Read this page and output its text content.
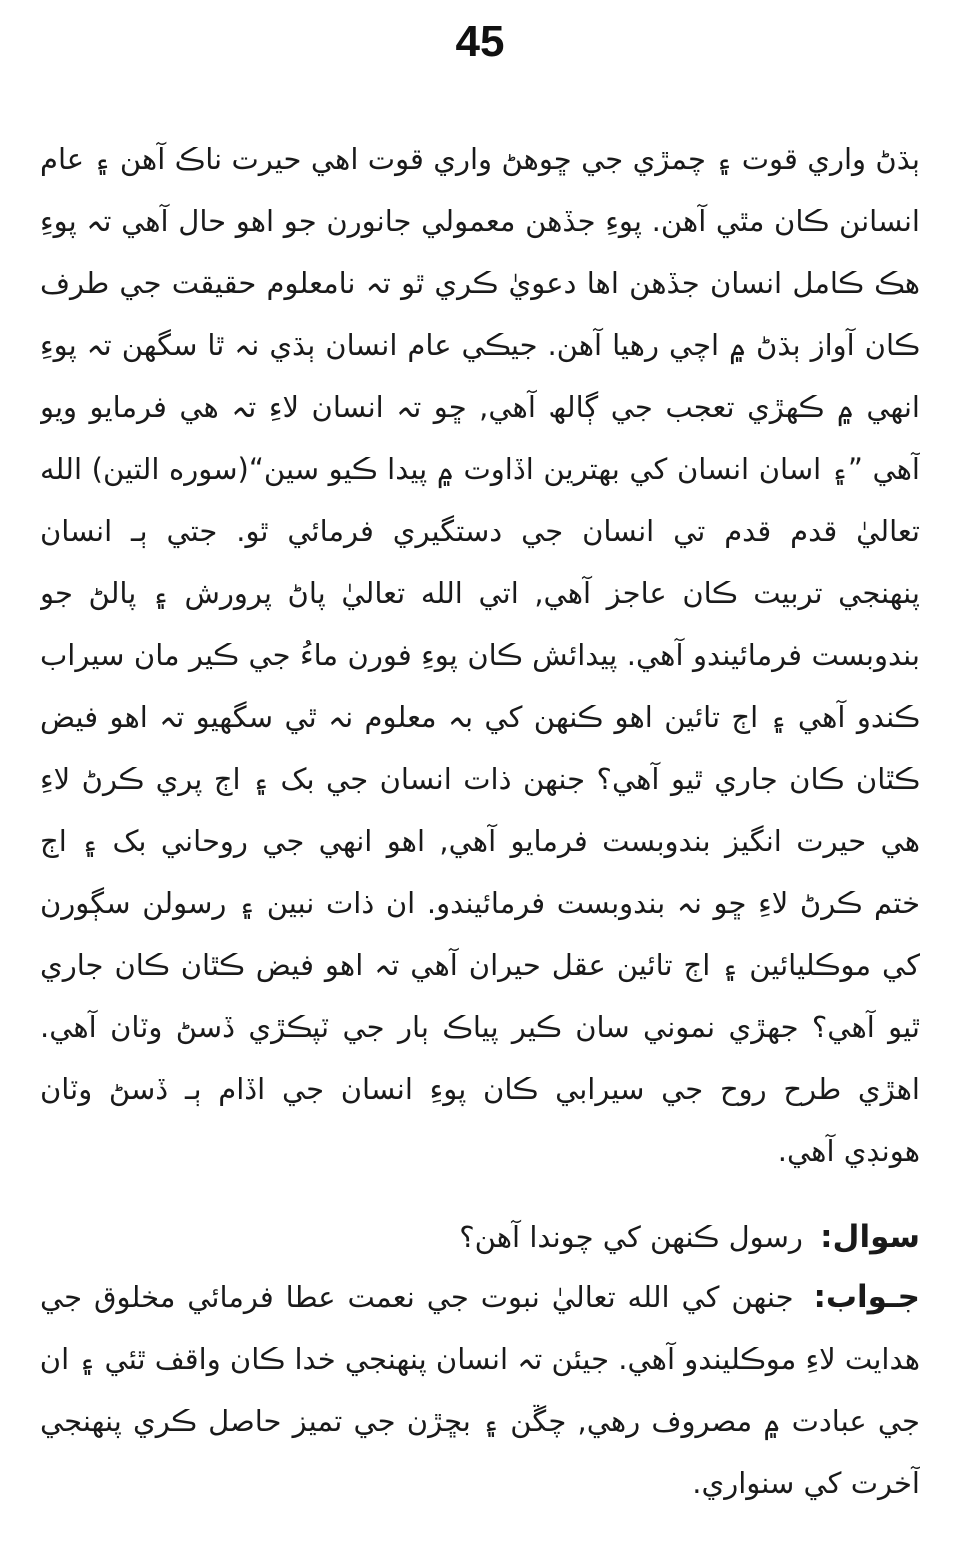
45
ٻڌڻ واري قوت ۽ چمڙي جي ڇوهڻ واري قوت اهي حيرت ناڪ آهن ۽ عام
انسانن ڪان مٿي آهن. پوءِ جڏهن معمولي جانورن جو اهو حال آهي تہ پوءِ
هڪ ڪامل انسان جڏهن اها دعويٰ ڪري ٿو تہ نامعلوم حقيقت جي طرف
ڪان آواز ٻڌڻ ۾ اچي رهيا آهن. جيڪي عام انسان ٻڌي نہ ٿا سگهن تہ پوءِ
انهي ۾ ڪهڙي تعجب جي ڳالھ آهي, ڇو تہ انسان لاءِ تہ هي فرمايو ويو
آهي ”۽ اسان انسان کي بهترين اڏاوت ۾ پيدا ڪيو سين“(سوره التين) الله
تعاليٰ قدم قدم تي انسان جي دستگيري فرمائي ٿو. جتي ٻـ انسان
پنهنجي تربيت ڪان عاجز آهي, اتي الله تعاليٰ پاڻ پرورش ۽ پالڻ جو
بندوبست فرمائيندو آهي. پيدائش ڪان پوءِ فورن ماءُ جي ڪير مان سيراب
ڪندو آهي ۽ اڄ تائين اهو ڪنهن کي بہ معلوم نہ ٿي سگهيو تہ اهو فيض
ڪٿان ڪان جاري ٿيو آهي؟ جنهن ذات انسان جي بک ۽ اڄ پري ڪرڻ لاءِ
هي حيرت انگيز بندوبست فرمايو آهي, اهو انهي جي روحاني بک ۽ اڄ
ختم ڪرڻ لاءِ ڇو نہ بندوبست فرمائيندو. ان ذات نبين ۽ رسولن سڳورن
کي موڪليائين ۽ اڄ تائين عقل حيران آهي تہ اهو فيض ڪٿان ڪان جاري
ٿيو آهي؟ جهڙي نموني سان ڪير پياڪ ٻار جي ٽپڪڙي ڏسڻ وٽان آهي.
اهڙي طرح روح جي سيرابي ڪان پوءِ انسان جي اڏام ٻـ ڏسڻ وٽان
هونڊي آهي.
سوال: رسول ڪنهن کي چوندا آهن؟
جـواب: جنهن کي الله تعاليٰ نبوت جي نعمت عطا فرمائي مخلوق جي
هدايت لاءِ موڪليندو آهي. جيئن تہ انسان پنهنجي خدا ڪان واقف ٿئي ۽ ان
جي عبادت ۾ مصروف رهي, چڱن ۽ بڇڙن جي تميز حاصل ڪري پنهنجي
آخرت کي سنواري.
